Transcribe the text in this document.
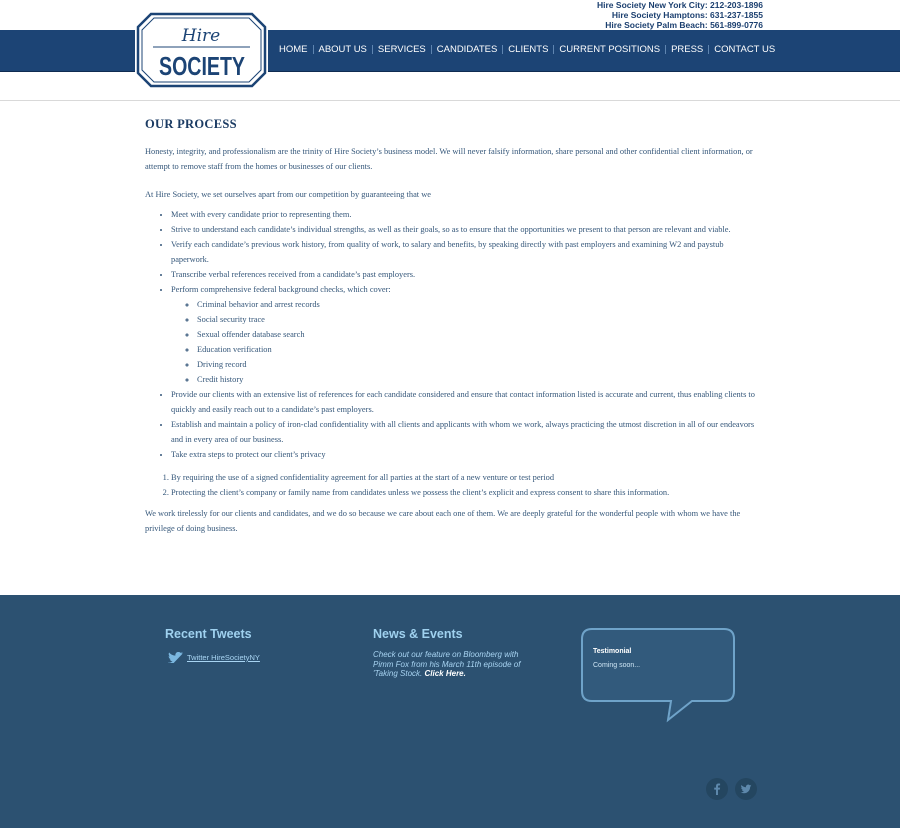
Hire Society New York City: 212-203-1896
Hire Society Hamptons: 631-237-1855
Hire Society Palm Beach: 561-899-0776
HOME ABOUT US SERVICES CANDIDATES CLIENTS CURRENT POSITIONS PRESS CONTACT US
Hire
SOCIETY
OUR PROCESS

Honesty, integrity, and professionalism are the trinity of Hire Society’s business model. We will never falsify information, share personal and other confidential client information, or attempt to remove staff from the homes or businesses of our clients.

At Hire Society, we set ourselves apart from our competition by guaranteeing that we

• Meet with every candidate prior to representing them.
• Strive to understand each candidate’s individual strengths, as well as their goals, so as to ensure that the opportunities we present to that person are relevant and viable.
• Verify each candidate’s previous work history, from quality of work, to salary and benefits, by speaking directly with past employers and examining W2 and paystub paperwork.
• Transcribe verbal references received from a candidate’s past employers.
• Perform comprehensive federal background checks, which cover:
◦ Criminal behavior and arrest records
◦ Social security trace
◦ Sexual offender database search
◦ Education verification
◦ Driving record
◦ Credit history
• Provide our clients with an extensive list of references for each candidate considered and ensure that contact information listed is accurate and current, thus enabling clients to quickly and easily reach out to a candidate’s past employers.
• Establish and maintain a policy of iron-clad confidentiality with all clients and applicants with whom we work, always practicing the utmost discretion in all of our endeavors and in every area of our business.
• Take extra steps to protect our client’s privacy
1. By requiring the use of a signed confidentiality agreement for all parties at the start of a new venture or test period
2. Protecting the client’s company or family name from candidates unless we possess the client’s explicit and express consent to share this information.

We work tirelessly for our clients and candidates, and we do so because we care about each one of them. We are deeply grateful for the wonderful people with whom we have the privilege of doing business.

Recent Tweets
Twitter HireSocietyNY
News & Events
Check out our feature on Bloomberg with Pimm Fox from his March 11th episode of 'Taking Stock. Click Here.
Testimonial
Coming soon...
